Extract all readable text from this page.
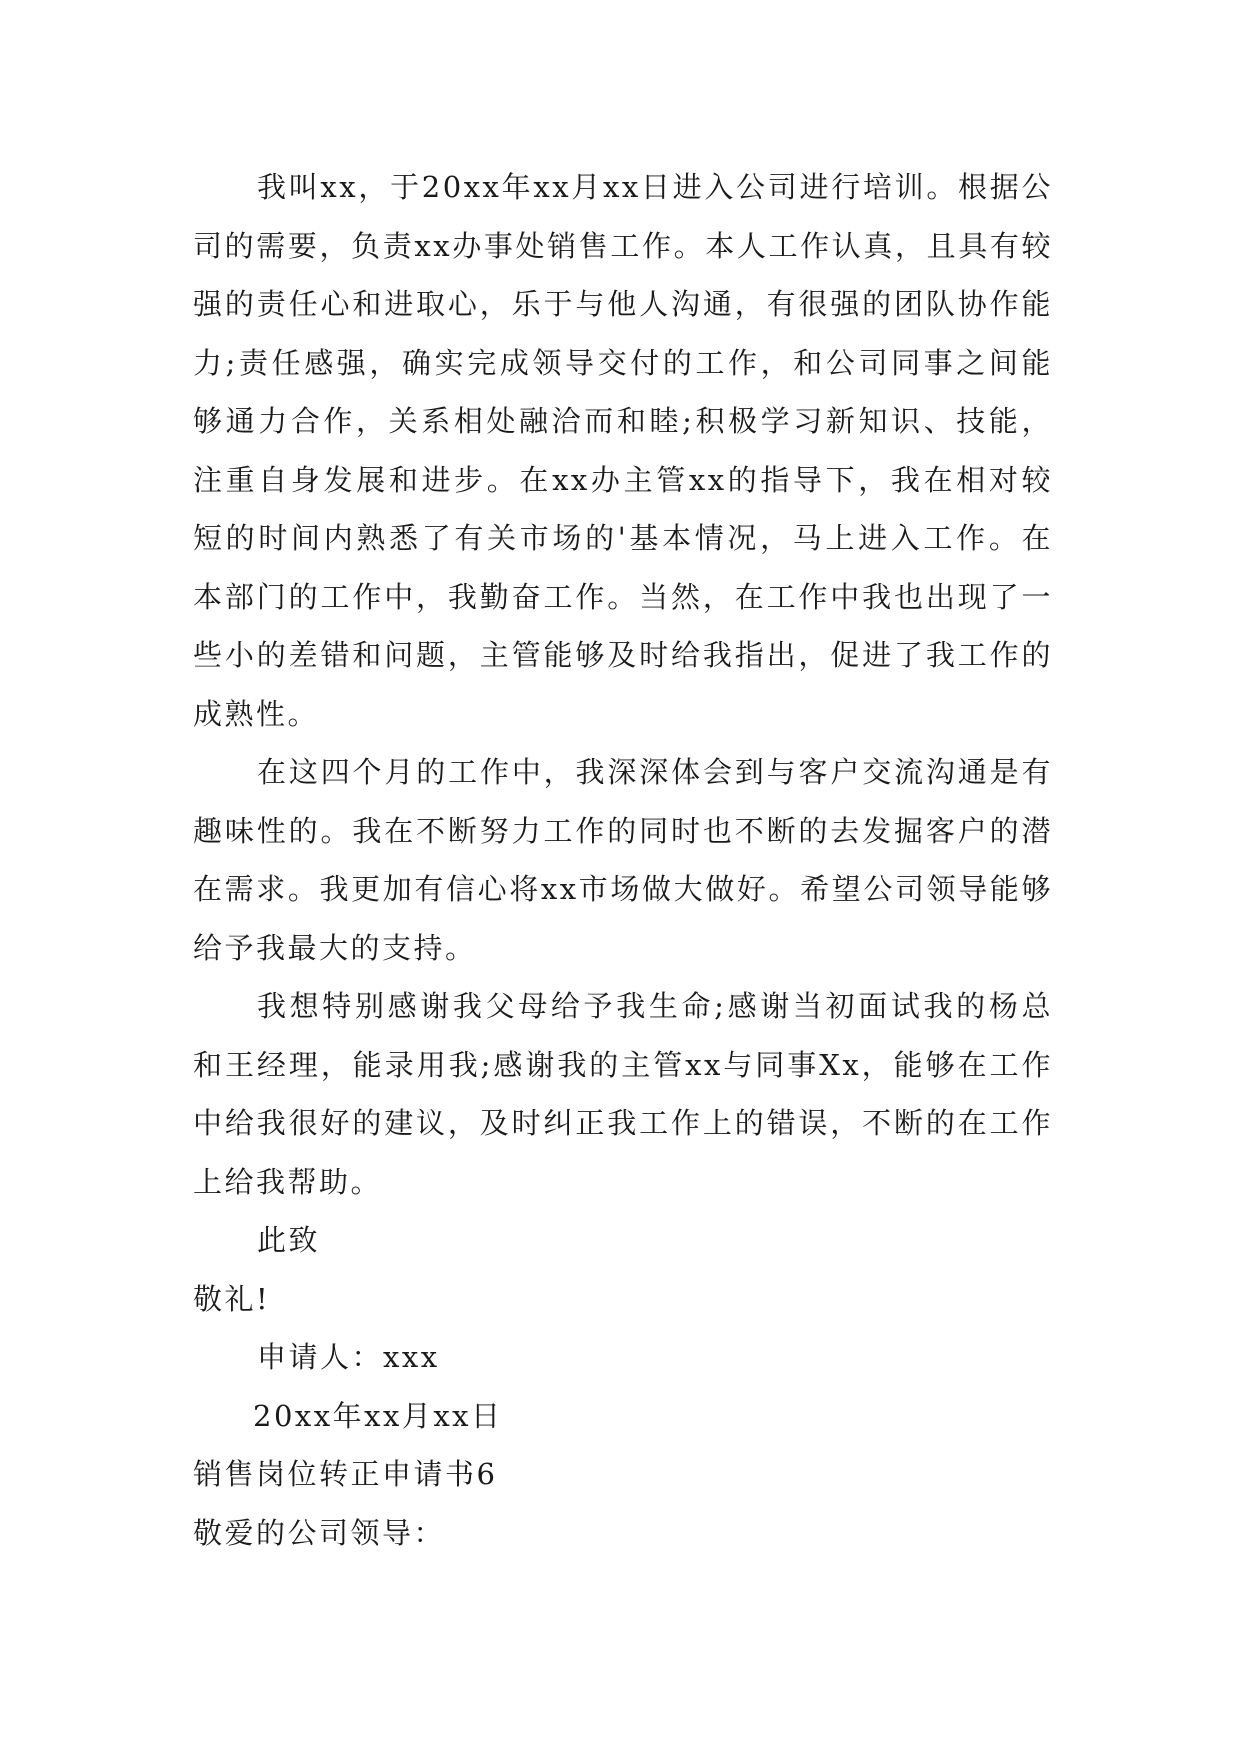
我叫xx，于20xx年xx月xx日进入公司进行培训。根据公司的需要，负责xx办事处销售工作。本人工作认真，且具有较强的责任心和进取心，乐于与他人沟通，有很强的团队协作能力;责任感强，确实完成领导交付的工作，和公司同事之间能够通力合作，关系相处融洽而和睦;积极学习新知识、技能，注重自身发展和进步。在xx办主管xx的指导下，我在相对较短的时间内熟悉了有关市场的'基本情况，马上进入工作。在本部门的工作中，我勤奋工作。当然，在工作中我也出现了一些小的差错和问题，主管能够及时给我指出，促进了我工作的成熟性。

在这四个月的工作中，我深深体会到与客户交流沟通是有趣味性的。我在不断努力工作的同时也不断的去发掘客户的潜在需求。我更加有信心将xx市场做大做好。希望公司领导能够给予我最大的支持。

我想特别感谢我父母给予我生命;感谢当初面试我的杨总和王经理，能录用我;感谢我的主管xx与同事Xx，能够在工作中给我很好的建议，及时纠正我工作上的错误，不断的在工作上给我帮助。

此致

敬礼!

申请人：xxx

20xx年xx月xx日

销售岗位转正申请书6

敬爱的公司领导：
